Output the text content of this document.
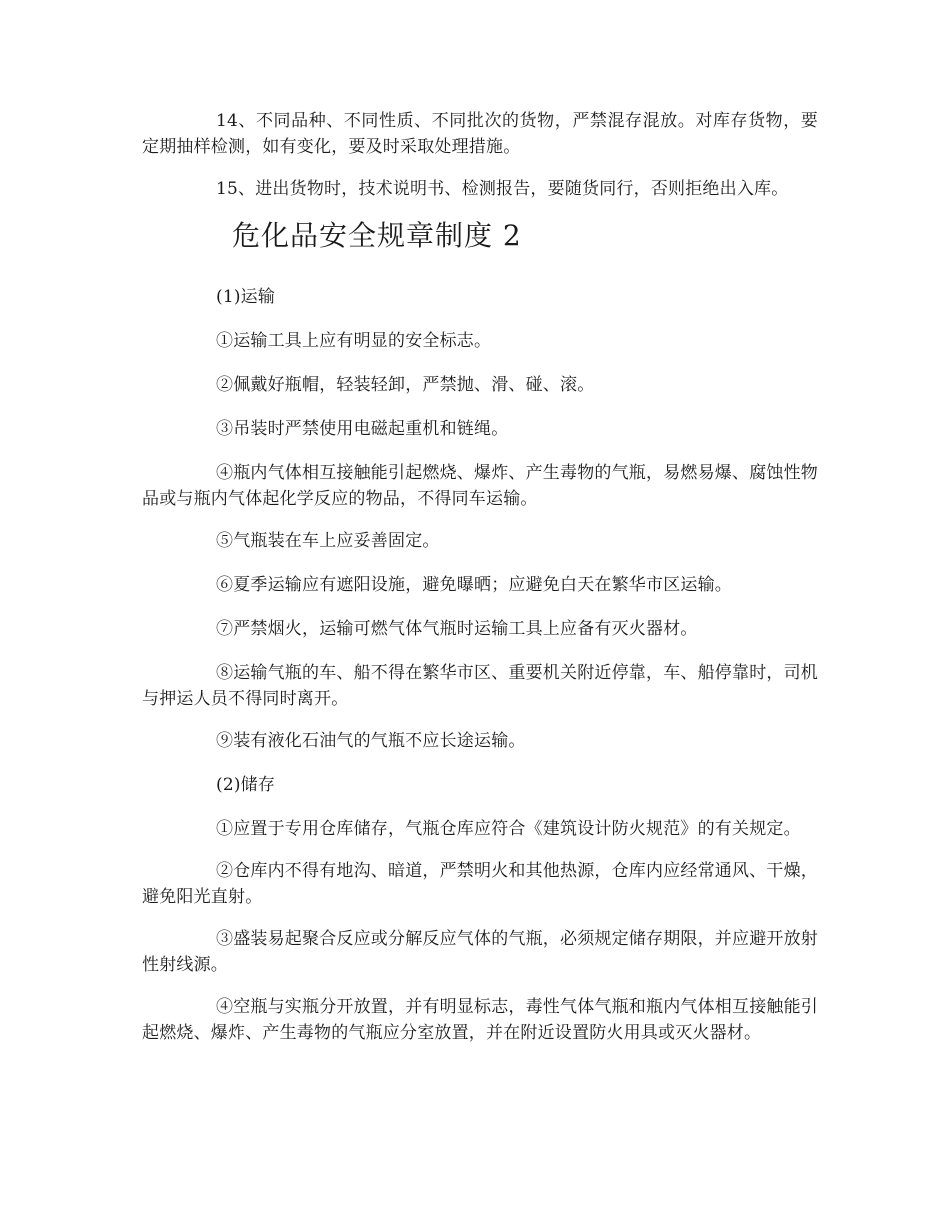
14、不同品种、不同性质、不同批次的货物，严禁混存混放。对库存货物，要定期抽样检测，如有变化，要及时采取处理措施。

15、进出货物时，技术说明书、检测报告，要随货同行，否则拒绝出入库。

危化品安全规章制度 2

(1)运输

①运输工具上应有明显的安全标志。

②佩戴好瓶帽，轻装轻卸，严禁抛、滑、碰、滚。

③吊装时严禁使用电磁起重机和链绳。

④瓶内气体相互接触能引起燃烧、爆炸、产生毒物的气瓶，易燃易爆、腐蚀性物品或与瓶内气体起化学反应的物品，不得同车运输。

⑤气瓶装在车上应妥善固定。

⑥夏季运输应有遮阳设施，避免曝晒；应避免白天在繁华市区运输。

⑦严禁烟火，运输可燃气体气瓶时运输工具上应备有灭火器材。

⑧运输气瓶的车、船不得在繁华市区、重要机关附近停靠，车、船停靠时，司机与押运人员不得同时离开。

⑨装有液化石油气的气瓶不应长途运输。

(2)储存

①应置于专用仓库储存，气瓶仓库应符合《建筑设计防火规范》的有关规定。

②仓库内不得有地沟、暗道，严禁明火和其他热源，仓库内应经常通风、干燥，避免阳光直射。

③盛装易起聚合反应或分解反应气体的气瓶，必须规定储存期限，并应避开放射性射线源。

④空瓶与实瓶分开放置，并有明显标志，毒性气体气瓶和瓶内气体相互接触能引起燃烧、爆炸、产生毒物的气瓶应分室放置，并在附近设置防火用具或灭火器材。
